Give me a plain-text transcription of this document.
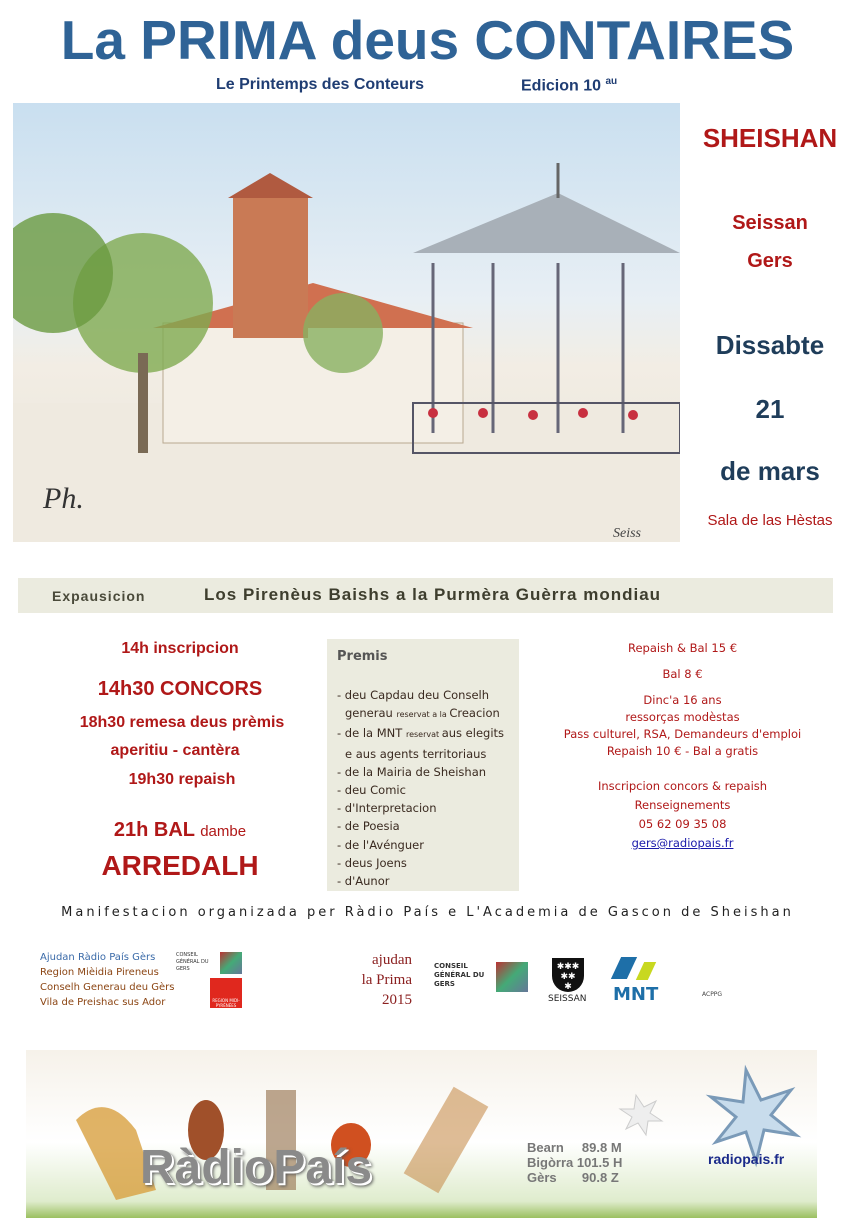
La PRIMA deus CONTAIRES
Le Printemps des Conteurs	Edicion 10 $^{au}$
Ph.
Seiss
SHEISHAN
Seissan
Gers
Dissabte
21
de mars
Sala de las Hèstas
Expausicion	Los Pirenèus Baishs a la Purmèra Guèrra mondiau
14h inscripcion
14h30 CONCORS
18h30 remesa deus prèmis
aperitiu - cantèra
19h30 repaish
21h BAL dambe
ARREDALH
Premis
- deu Capdau deu Conselh
generau reservat a la Creacion
- de la MNT reservat aus elegits
e aus agents territoriaus
- de la Mairia de Sheishan
- deu Comic
- d'Interpretacion
- de Poesia
- de l'Avénguer
- deus Joens
- d'Aunor
Repaish & Bal 15 €
Bal 8 €
Dinc'a 16 ans
ressorças modèstas
Pass culturel, RSA, Demandeurs d'emploi
Repaish 10 € - Bal a gratis
Inscripcion concors & repaish
Renseignements
05 62 09 35 08
gers@radiopais.fr
Manifestacion organizada per Ràdio País e L'Academia de Gascon de Sheishan
Ajudan Ràdio País Gèrs
Region Mièidia Pireneus
Conselh Generau deu Gèrs
Vila de Preishac sus Ador
CONSEIL GÉNÉRAL DU GERS
REGION MIDI-PYRÉNÉES
ajudan
la Prima
2015
CONSEIL GÉNÉRAL DU GERS
✱✱✱
✱✱
✱
SEISSAN MNT	ACPPG
RàdioPaís	Bearn     89.8 M
Bigòrra 101.5 H
Gèrs       90.8 Z
radiopais.fr
